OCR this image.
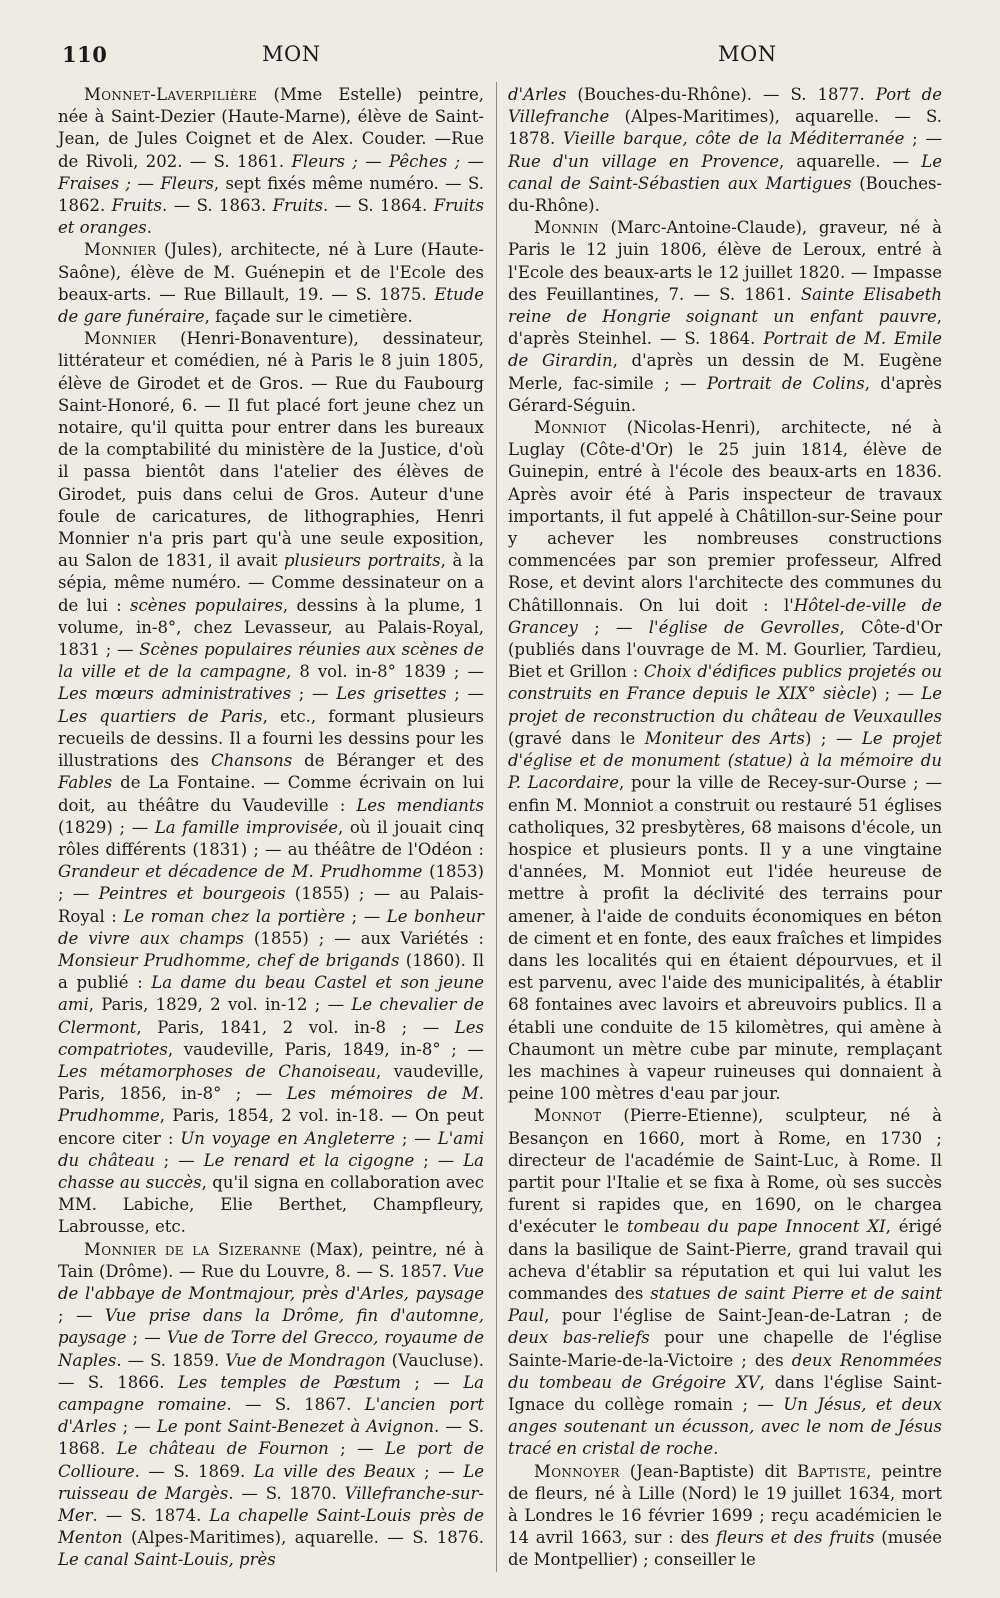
110	MON	MON

Monnet-Laverpilière (Mme Estelle) peintre, née à Saint-Dezier (Haute-Marne), élève de Saint-Jean, de Jules Coignet et de Alex. Couder. —Rue de Rivoli, 202. — S. 1861. Fleurs ; — Pêches ; — Fraises ; — Fleurs, sept fixés même numéro. — S. 1862. Fruits. — S. 1863. Fruits. — S. 1864. Fruits et oranges.

Monnier (Jules), architecte, né à Lure (Haute-Saône), élève de M. Guénepin et de l'Ecole des beaux-arts. — Rue Billault, 19. — S. 1875. Etude de gare funéraire, façade sur le cimetière.

Monnier (Henri-Bonaventure), dessinateur, littérateur et comédien, né à Paris le 8 juin 1805, élève de Girodet et de Gros. — Rue du Faubourg Saint-Honoré, 6. — Il fut placé fort jeune chez un notaire, qu'il quitta pour entrer dans les bureaux de la comptabilité du ministère de la Justice, d'où il passa bientôt dans l'atelier des élèves de Girodet, puis dans celui de Gros. Auteur d'une foule de caricatures, de lithographies, Henri Monnier n'a pris part qu'à une seule exposition, au Salon de 1831, il avait plusieurs portraits, à la sépia, même numéro. — Comme dessinateur on a de lui : scènes populaires, dessins à la plume, 1 volume, in-8°, chez Levasseur, au Palais-Royal, 1831 ; — Scènes populaires réunies aux scènes de la ville et de la campagne, 8 vol. in-8° 1839 ; — Les mœurs administratives ; — Les grisettes ; — Les quartiers de Paris, etc., formant plusieurs recueils de dessins. Il a fourni les dessins pour les illustrations des Chansons de Béranger et des Fables de La Fontaine. — Comme écrivain on lui doit, au théâtre du Vaudeville : Les mendiants (1829) ; — La famille improvisée, où il jouait cinq rôles différents (1831) ; — au théâtre de l'Odéon : Grandeur et décadence de M. Prudhomme (1853) ; — Peintres et bourgeois (1855) ; — au Palais-Royal : Le roman chez la portière ; — Le bonheur de vivre aux champs (1855) ; — aux Variétés : Monsieur Prudhomme, chef de brigands (1860). Il a publié : La dame du beau Castel et son jeune ami, Paris, 1829, 2 vol. in-12 ; — Le chevalier de Clermont, Paris, 1841, 2 vol. in-8 ; — Les compatriotes, vaudeville, Paris, 1849, in-8° ; — Les métamorphoses de Chanoiseau, vaudeville, Paris, 1856, in-8° ; — Les mémoires de M. Prudhomme, Paris, 1854, 2 vol. in-18. — On peut encore citer : Un voyage en Angleterre ; — L'ami du château ; — Le renard et la cigogne ; — La chasse au succès, qu'il signa en collaboration avec MM. Labiche, Elie Berthet, Champfleury, Labrousse, etc.

Monnier de la Sizeranne (Max), peintre, né à Tain (Drôme). — Rue du Louvre, 8. — S. 1857. Vue de l'abbaye de Montmajour, près d'Arles, paysage ; — Vue prise dans la Drôme, fin d'automne, paysage ; — Vue de Torre del Grecco, royaume de Naples. — S. 1859. Vue de Mondragon (Vaucluse). — S. 1866. Les temples de Pæstum ; — La campagne romaine. — S. 1867. L'ancien port d'Arles ; — Le pont Saint-Benezet à Avignon. — S. 1868. Le château de Fournon ; — Le port de Collioure. — S. 1869. La ville des Beaux ; — Le ruisseau de Margès. — S. 1870. Villefranche-sur-Mer. — S. 1874. La chapelle Saint-Louis près de Menton (Alpes-Maritimes), aquarelle. — S. 1876. Le canal Saint-Louis, près

d'Arles (Bouches-du-Rhône). — S. 1877. Port de Villefranche (Alpes-Maritimes), aquarelle. — S. 1878. Vieille barque, côte de la Méditerranée ; — Rue d'un village en Provence, aquarelle. — Le canal de Saint-Sébastien aux Martigues (Bouches-du-Rhône).

Monnin (Marc-Antoine-Claude), graveur, né à Paris le 12 juin 1806, élève de Leroux, entré à l'Ecole des beaux-arts le 12 juillet 1820. — Impasse des Feuillantines, 7. — S. 1861. Sainte Elisabeth reine de Hongrie soignant un enfant pauvre, d'après Steinhel. — S. 1864. Portrait de M. Emile de Girardin, d'après un dessin de M. Eugène Merle, fac-simile ; — Portrait de Colins, d'après Gérard-Séguin.

Monniot (Nicolas-Henri), architecte, né à Luglay (Côte-d'Or) le 25 juin 1814, élève de Guinepin, entré à l'école des beaux-arts en 1836. Après avoir été à Paris inspecteur de travaux importants, il fut appelé à Châtillon-sur-Seine pour y achever les nombreuses constructions commencées par son premier professeur, Alfred Rose, et devint alors l'architecte des communes du Châtillonnais. On lui doit : l'Hôtel-de-ville de Grancey ; — l'église de Gevrolles, Côte-d'Or (publiés dans l'ouvrage de M. M. Gourlier, Tardieu, Biet et Grillon : Choix d'édifices publics projetés ou construits en France depuis le XIX° siècle) ; — Le projet de reconstruction du château de Veuxaulles (gravé dans le Moniteur des Arts) ; — Le projet d'église et de monument (statue) à la mémoire du P. Lacordaire, pour la ville de Recey-sur-Ourse ; — enfin M. Monniot a construit ou restauré 51 églises catholiques, 32 presbytères, 68 maisons d'école, un hospice et plusieurs ponts. Il y a une vingtaine d'années, M. Monniot eut l'idée heureuse de mettre à profit la déclivité des terrains pour amener, à l'aide de conduits économiques en béton de ciment et en fonte, des eaux fraîches et limpides dans les localités qui en étaient dépourvues, et il est parvenu, avec l'aide des municipalités, à établir 68 fontaines avec lavoirs et abreuvoirs publics. Il a établi une conduite de 15 kilomètres, qui amène à Chaumont un mètre cube par minute, remplaçant les machines à vapeur ruineuses qui donnaient à peine 100 mètres d'eau par jour.

Monnot (Pierre-Etienne), sculpteur, né à Besançon en 1660, mort à Rome, en 1730 ; directeur de l'académie de Saint-Luc, à Rome. Il partit pour l'Italie et se fixa à Rome, où ses succès furent si rapides que, en 1690, on le chargea d'exécuter le tombeau du pape Innocent XI, érigé dans la basilique de Saint-Pierre, grand travail qui acheva d'établir sa réputation et qui lui valut les commandes des statues de saint Pierre et de saint Paul, pour l'église de Saint-Jean-de-Latran ; de deux bas-reliefs pour une chapelle de l'église Sainte-Marie-de-la-Victoire ; des deux Renommées du tombeau de Grégoire XV, dans l'église Saint-Ignace du collège romain ; — Un Jésus, et deux anges soutenant un écusson, avec le nom de Jésus tracé en cristal de roche.

Monnoyer (Jean-Baptiste) dit Baptiste, peintre de fleurs, né à Lille (Nord) le 19 juillet 1634, mort à Londres le 16 février 1699 ; reçu académicien le 14 avril 1663, sur : des fleurs et des fruits (musée de Montpellier) ; conseiller le
